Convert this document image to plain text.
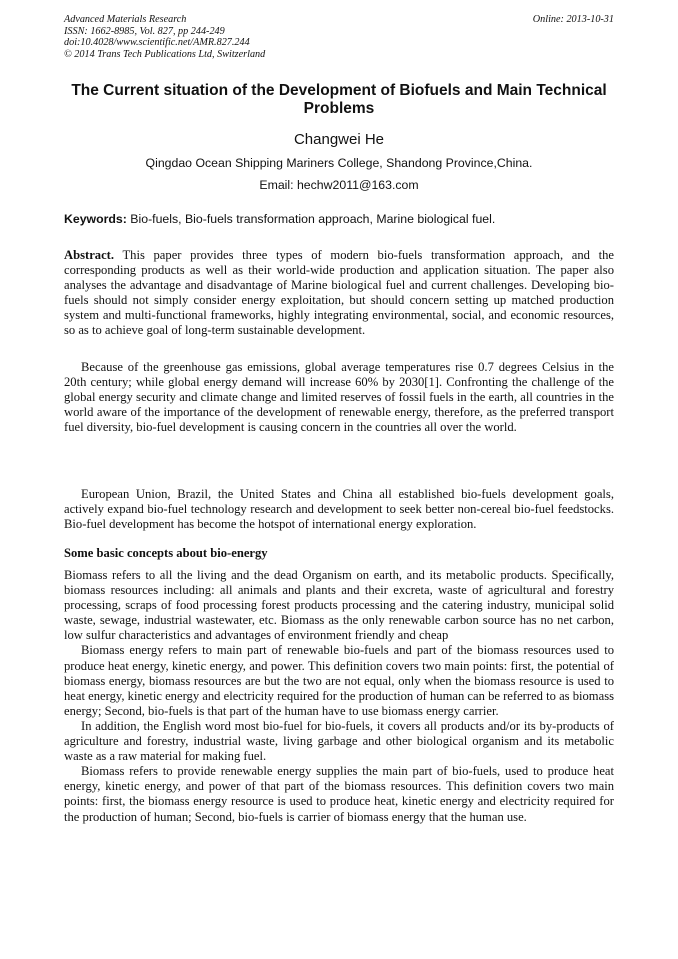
Advanced Materials Research
ISSN: 1662-8985, Vol. 827, pp 244-249
doi:10.4028/www.scientific.net/AMR.827.244
© 2014 Trans Tech Publications Ltd, Switzerland
Online: 2013-10-31
The Current situation of the Development of Biofuels and Main Technical Problems
Changwei He
Qingdao Ocean Shipping Mariners College, Shandong Province,China.
Email: hechw2011@163.com
Keywords: Bio-fuels, Bio-fuels transformation approach, Marine biological fuel.
Abstract. This paper provides three types of modern bio-fuels transformation approach, and the corresponding products as well as their world-wide production and application situation. The paper also analyses the advantage and disadvantage of Marine biological fuel and current challenges. Developing bio-fuels should not simply consider energy exploitation, but should concern setting up matched production system and multi-functional frameworks, highly integrating environmental, social, and economic resources, so as to achieve goal of long-term sustainable development.

Because of the greenhouse gas emissions, global average temperatures rise 0.7 degrees Celsius in the 20th century; while global energy demand will increase 60% by 2030[1]. Confronting the challenge of the global energy security and climate change and limited reserves of fossil fuels in the earth, all countries in the world aware of the importance of the development of renewable energy, therefore, as the preferred transport fuel diversity, bio-fuel development is causing concern in the countries all over the world.

European Union, Brazil, the United States and China all established bio-fuels development goals, actively expand bio-fuel technology research and development to seek better non-cereal bio-fuel feedstocks. Bio-fuel development has become the hotspot of international energy exploration.

Some basic concepts about bio-energy

Biomass refers to all the living and the dead Organism on earth, and its metabolic products. Specifically, biomass resources including: all animals and plants and their excreta, waste of agricultural and forestry processing, scraps of food processing forest products processing and the catering industry, municipal solid waste, sewage, industrial wastewater, etc. Biomass as the only renewable carbon source has no net carbon, low sulfur characteristics and advantages of environment friendly and cheap

Biomass energy refers to main part of renewable bio-fuels and part of the biomass resources used to produce heat energy, kinetic energy, and power. This definition covers two main points: first, the potential of biomass energy, biomass resources are but the two are not equal, only when the biomass resource is used to heat energy, kinetic energy and electricity required for the production of human can be referred to as biomass energy; Second, bio-fuels is that part of the human have to use biomass energy carrier.

In addition, the English word most bio-fuel for bio-fuels, it covers all products and/or its by-products of agriculture and forestry, industrial waste, living garbage and other biological organism and its metabolic waste as a raw material for making fuel.

Biomass refers to provide renewable energy supplies the main part of bio-fuels, used to produce heat energy, kinetic energy, and power of that part of the biomass resources. This definition covers two main points: first, the biomass energy resource is used to produce heat, kinetic energy and electricity required for the production of human; Second, bio-fuels is carrier of biomass energy that the human use.
